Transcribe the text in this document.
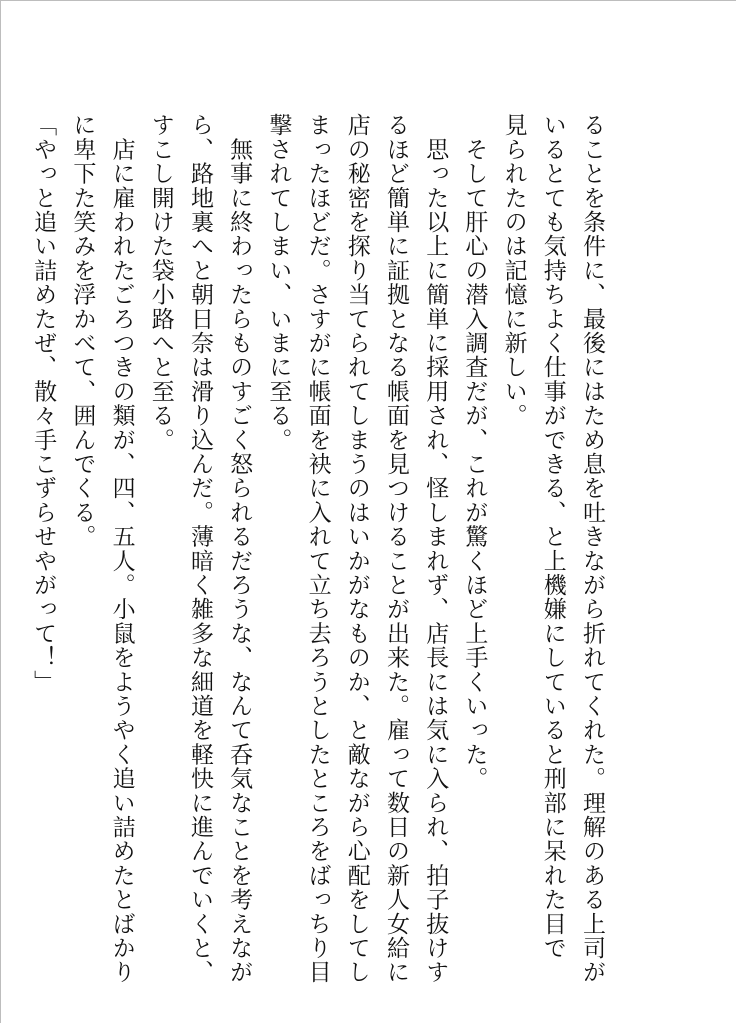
ることを条件に、最後にはため息を吐きながら折れてくれた。理解のある上司が
いるとても気持ちよく仕事ができる、と上機嫌にしていると刑部に呆れた目で
見られたのは記憶に新しい。
　そして肝心の潜入調査だが、これが驚くほど上手くいった。
　思った以上に簡単に採用され、怪しまれず、店長には気に入られ、拍子抜けす
るほど簡単に証拠となる帳面を見つけることが出来た。雇って数日の新人女給に
店の秘密を探り当てられてしまうのはいかがなものか、と敵ながら心配をしてし
まったほどだ。さすがに帳面を袂に入れて立ち去ろうとしたところをばっちり目
撃されてしまい、いまに至る。
　無事に終わったらものすごく怒られるだろうな、なんて呑気なことを考えなが
ら、路地裏へと朝日奈は滑り込んだ。薄暗く雑多な細道を軽快に進んでいくと、
すこし開けた袋小路へと至る。
　店に雇われたごろつきの類が、四、五人。小鼠をようやく追い詰めたとばかり
に卑下た笑みを浮かべて、囲んでくる。
「やっと追い詰めたぜ、散々手こずらせやがって！」
